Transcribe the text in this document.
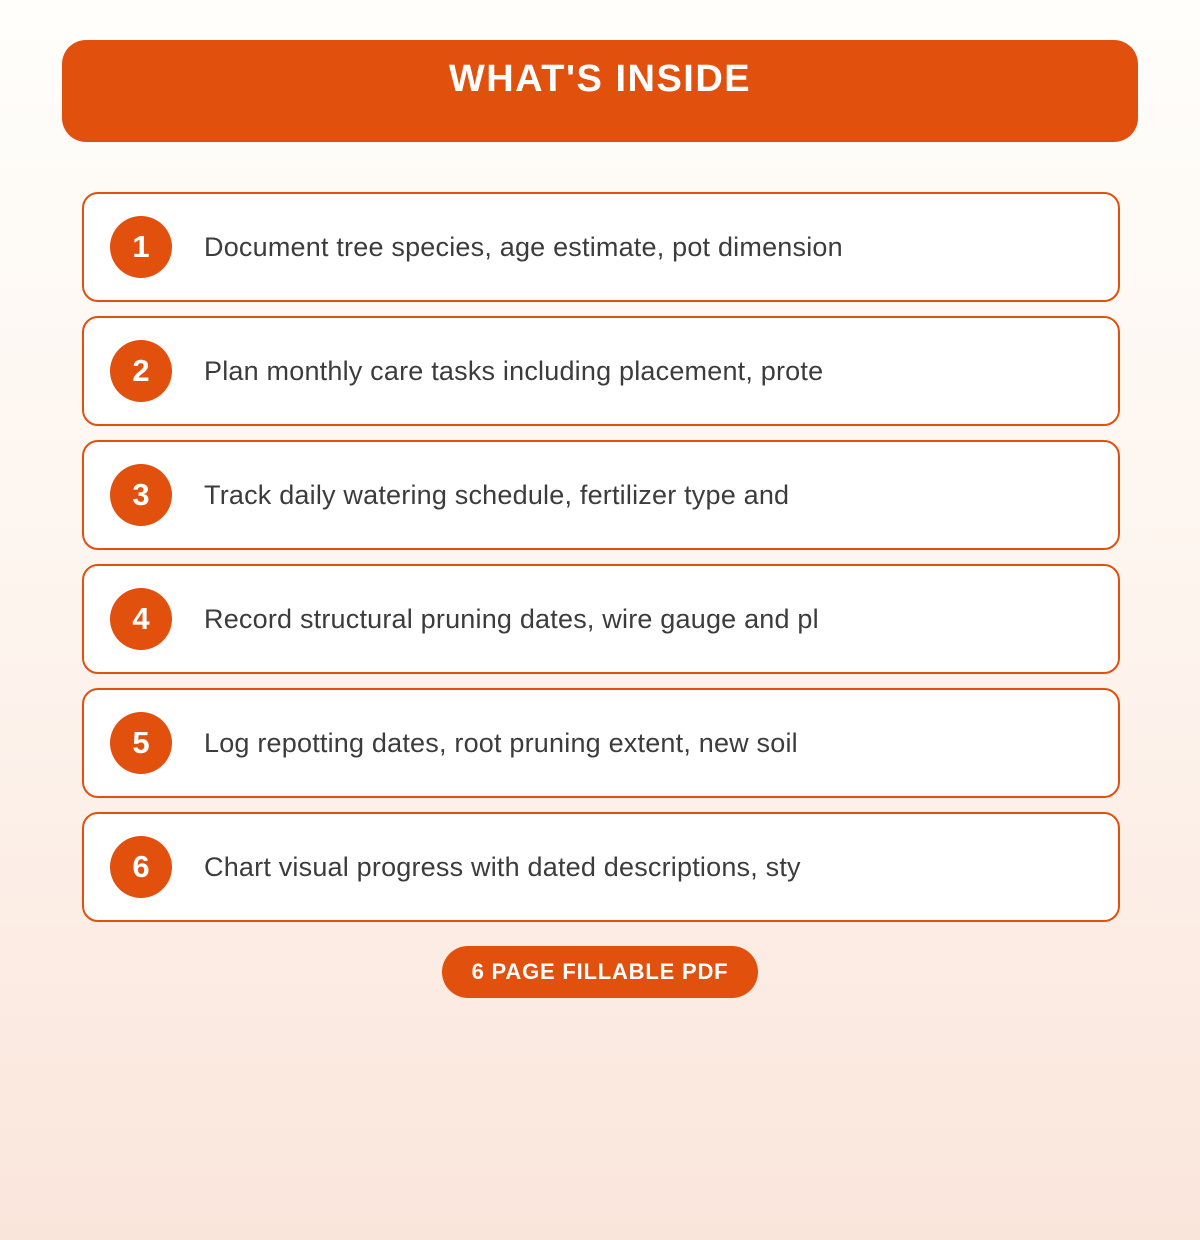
WHAT'S INSIDE
1	Document tree species, age estimate, pot dimension
2	Plan monthly care tasks including placement, prote
3	Track daily watering schedule, fertilizer type and
4	Record structural pruning dates, wire gauge and pl
5	Log repotting dates, root pruning extent, new soil
6	Chart visual progress with dated descriptions, sty
6 PAGE FILLABLE PDF
